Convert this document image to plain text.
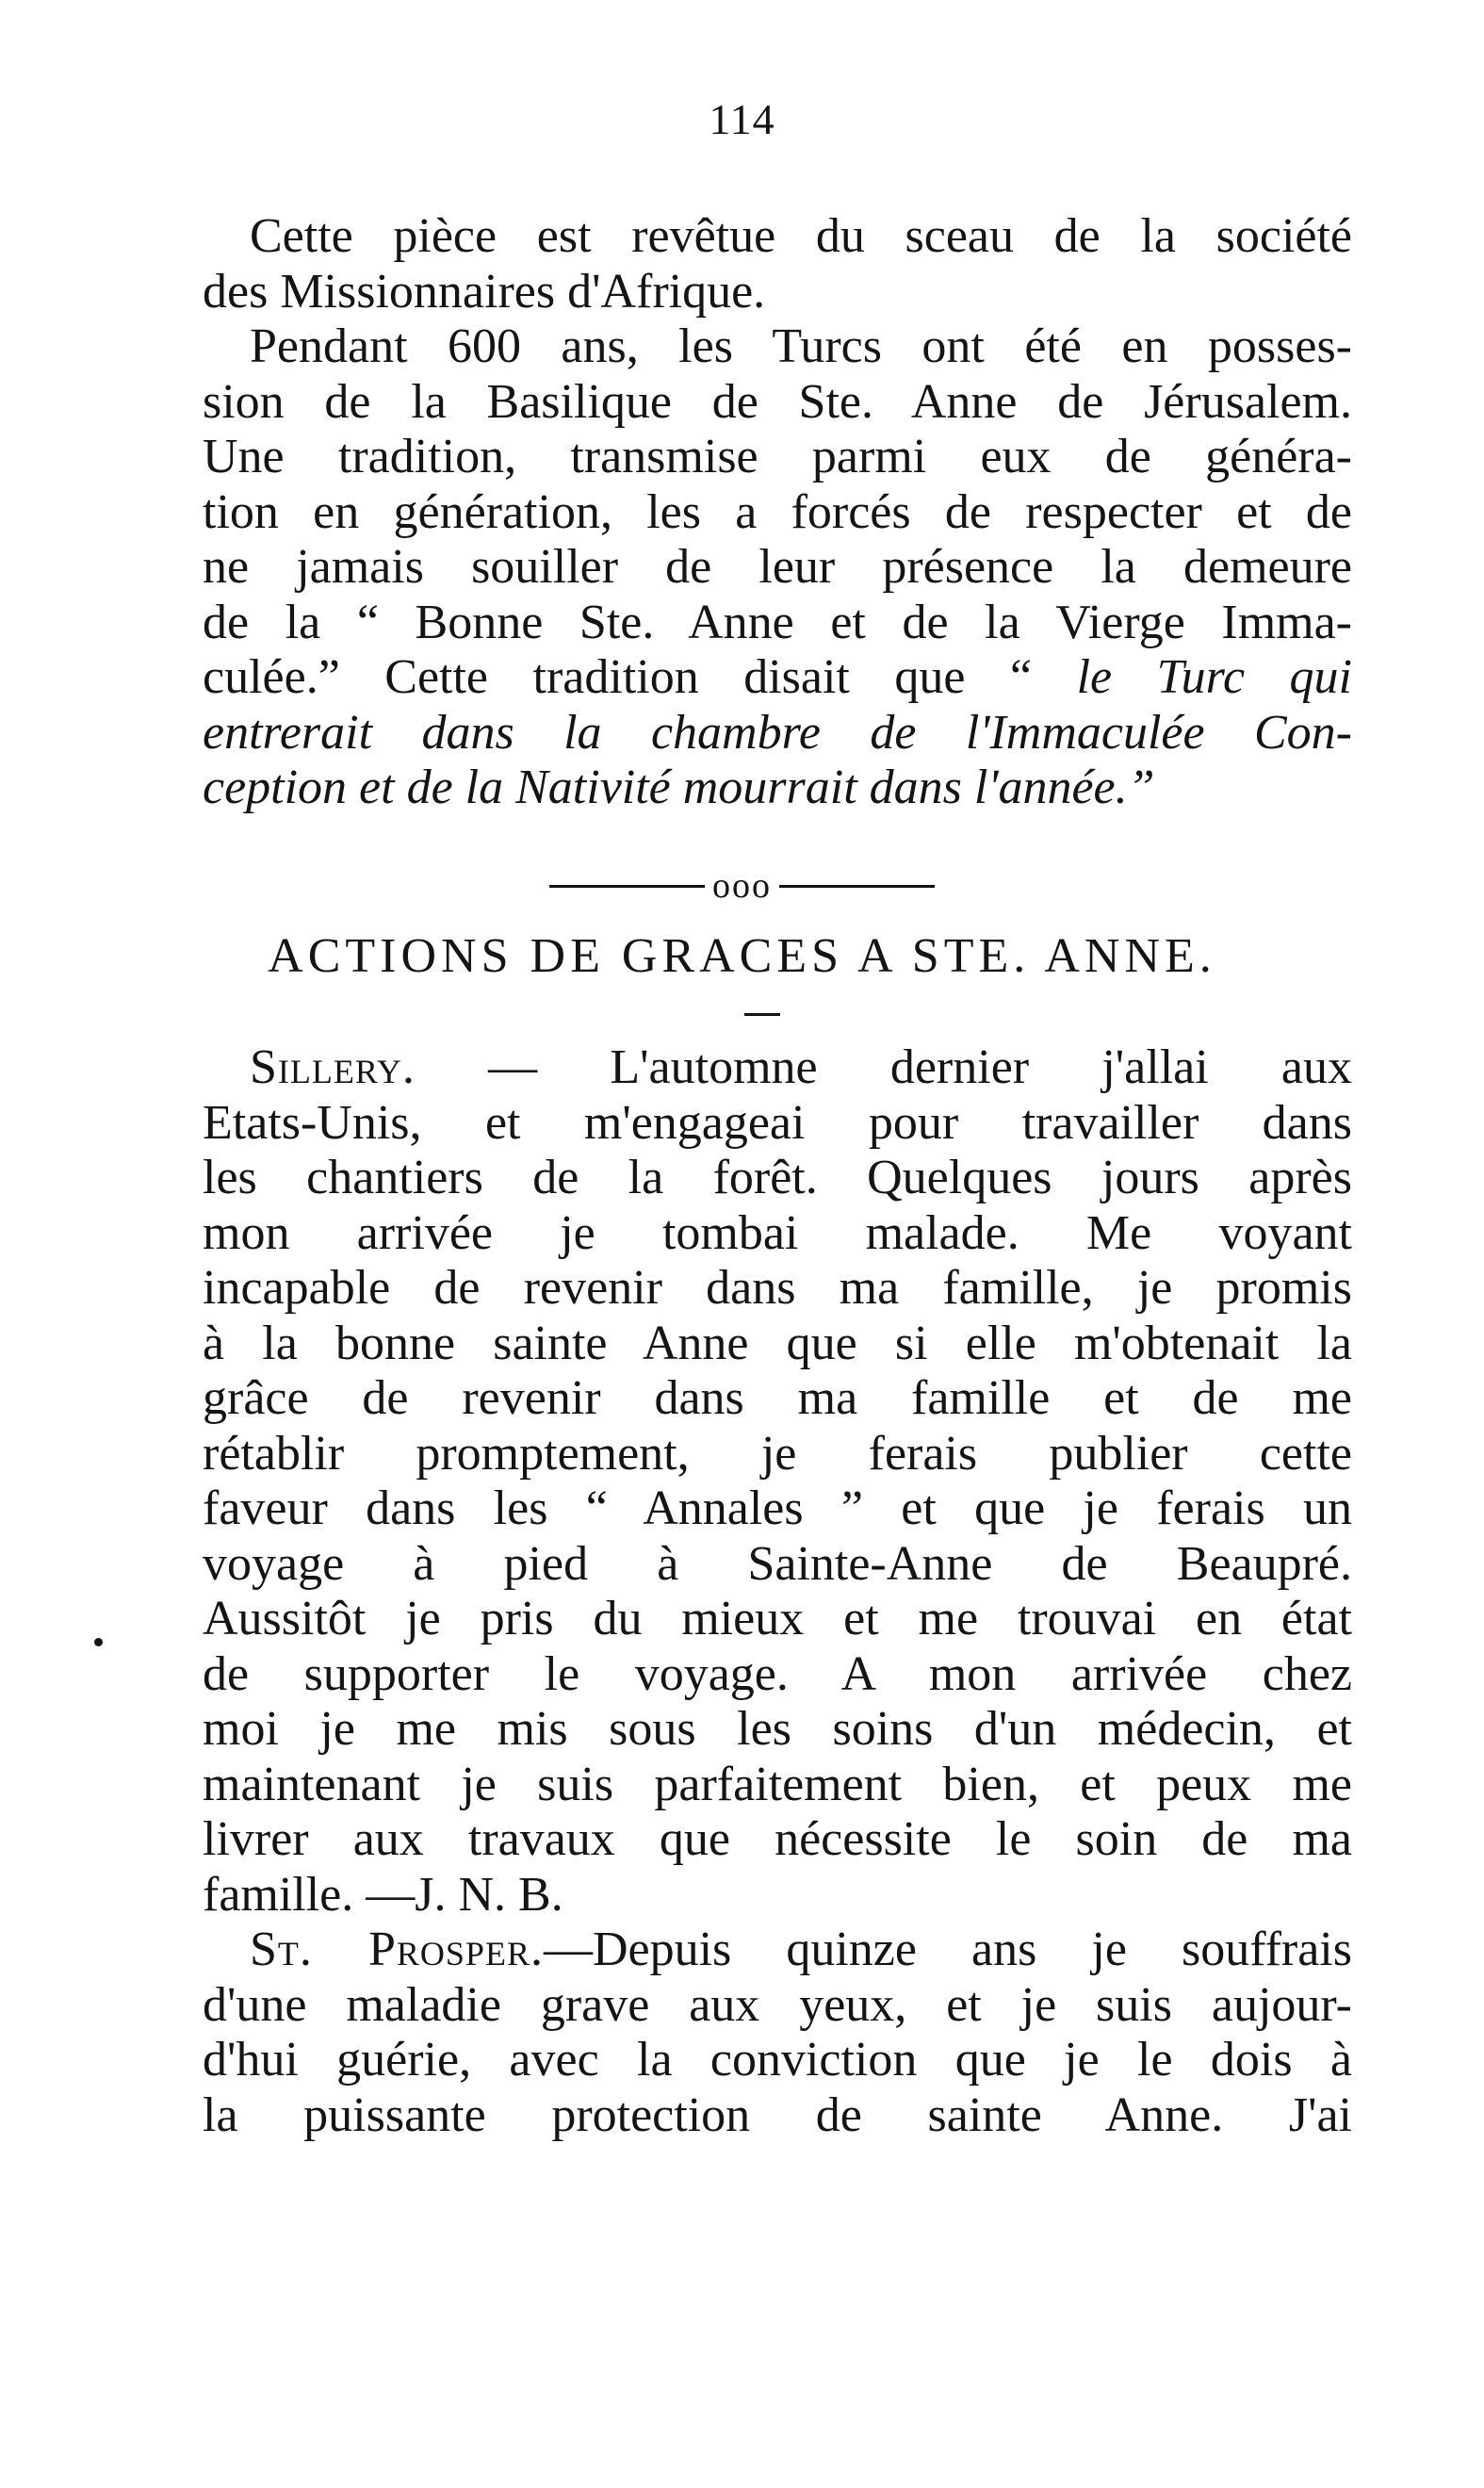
114
Cette pièce est revêtue du sceau de la société
des Missionnaires d'Afrique.
Pendant 600 ans, les Turcs ont été en posses-
sion de la Basilique de Ste. Anne de Jérusalem.
Une tradition, transmise parmi eux de généra-
tion en génération, les a forcés de respecter et de
ne jamais souiller de leur présence la demeure
de la “ Bonne Ste. Anne et de la Vierge Imma-
culée.” Cette tradition disait que “ le Turc qui
entrerait dans la chambre de l'Immaculée Con-
ception et de la Nativité mourrait dans l'année.”
ooo
ACTIONS DE GRACES A STE. ANNE.
Sillery. — L'automne dernier j'allai aux
Etats-Unis, et m'engageai pour travailler dans
les chantiers de la forêt. Quelques jours après
mon arrivée je tombai malade. Me voyant
incapable de revenir dans ma famille, je promis
à la bonne sainte Anne que si elle m'obtenait la
grâce de revenir dans ma famille et de me
rétablir promptement, je ferais publier cette
faveur dans les “ Annales ” et que je ferais un
voyage à pied à Sainte-Anne de Beaupré.
Aussitôt je pris du mieux et me trouvai en état
de supporter le voyage. A mon arrivée chez
moi je me mis sous les soins d'un médecin, et
maintenant je suis parfaitement bien, et peux me
livrer aux travaux que nécessite le soin de ma
famille. —J. N. B.
St. Prosper.—Depuis quinze ans je souffrais
d'une maladie grave aux yeux, et je suis aujour-
d'hui guérie, avec la conviction que je le dois à
la puissante protection de sainte Anne. J'ai
